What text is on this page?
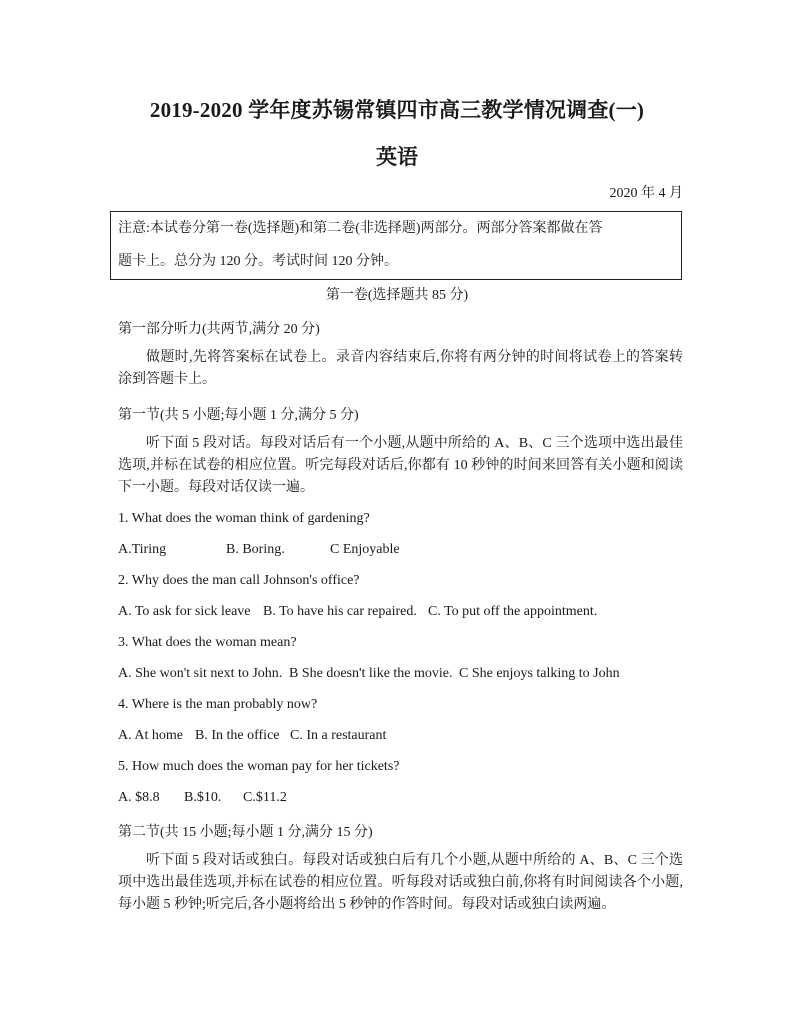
2019-2020 学年度苏锡常镇四市高三教学情况调查(一)
英语
2020 年 4 月
注意:本试卷分第一卷(选择题)和第二卷(非选择题)两部分。两部分答案都做在答
题卡上。总分为 120 分。考试时间 120 分钟。
第一卷(选择题共 85 分)
第一部分听力(共两节,满分 20 分)
做题时,先将答案标在试卷上。录音内容结束后,你将有两分钟的时间将试卷上的答案转涂到答题卡上。
第一节(共 5 小题;每小题 1 分,满分 5 分)
听下面 5 段对话。每段对话后有一个小题,从题中所给的 A、B、C 三个选项中选出最佳选项,并标在试卷的相应位置。听完每段对话后,你都有 10 秒钟的时间来回答有关小题和阅读下一小题。每段对话仅读一遍。
1. What does the woman think of gardening?
A.Tiring	B. Boring.	C Enjoyable
2. Why does the man call Johnson's office?
A. To ask for sick leave B. To have his car repaired. C. To put off the appointment.
3. What does the woman mean?
A. She won't sit next to John. B She doesn't like the movie. C She enjoys talking to John
4. Where is the man probably now?
A. At home B. In the office C. In a restaurant
5. How much does the woman pay for her tickets?
A. $8.8 B.$10. C.$11.2
第二节(共 15 小题;每小题 1 分,满分 15 分)
听下面 5 段对话或独白。每段对话或独白后有几个小题,从题中所给的 A、B、C 三个选项中选出最佳选项,并标在试卷的相应位置。听每段对话或独白前,你将有时间阅读各个小题,每小题 5 秒钟;听完后,各小题将给出 5 秒钟的作答时间。每段对话或独白读两遍。
